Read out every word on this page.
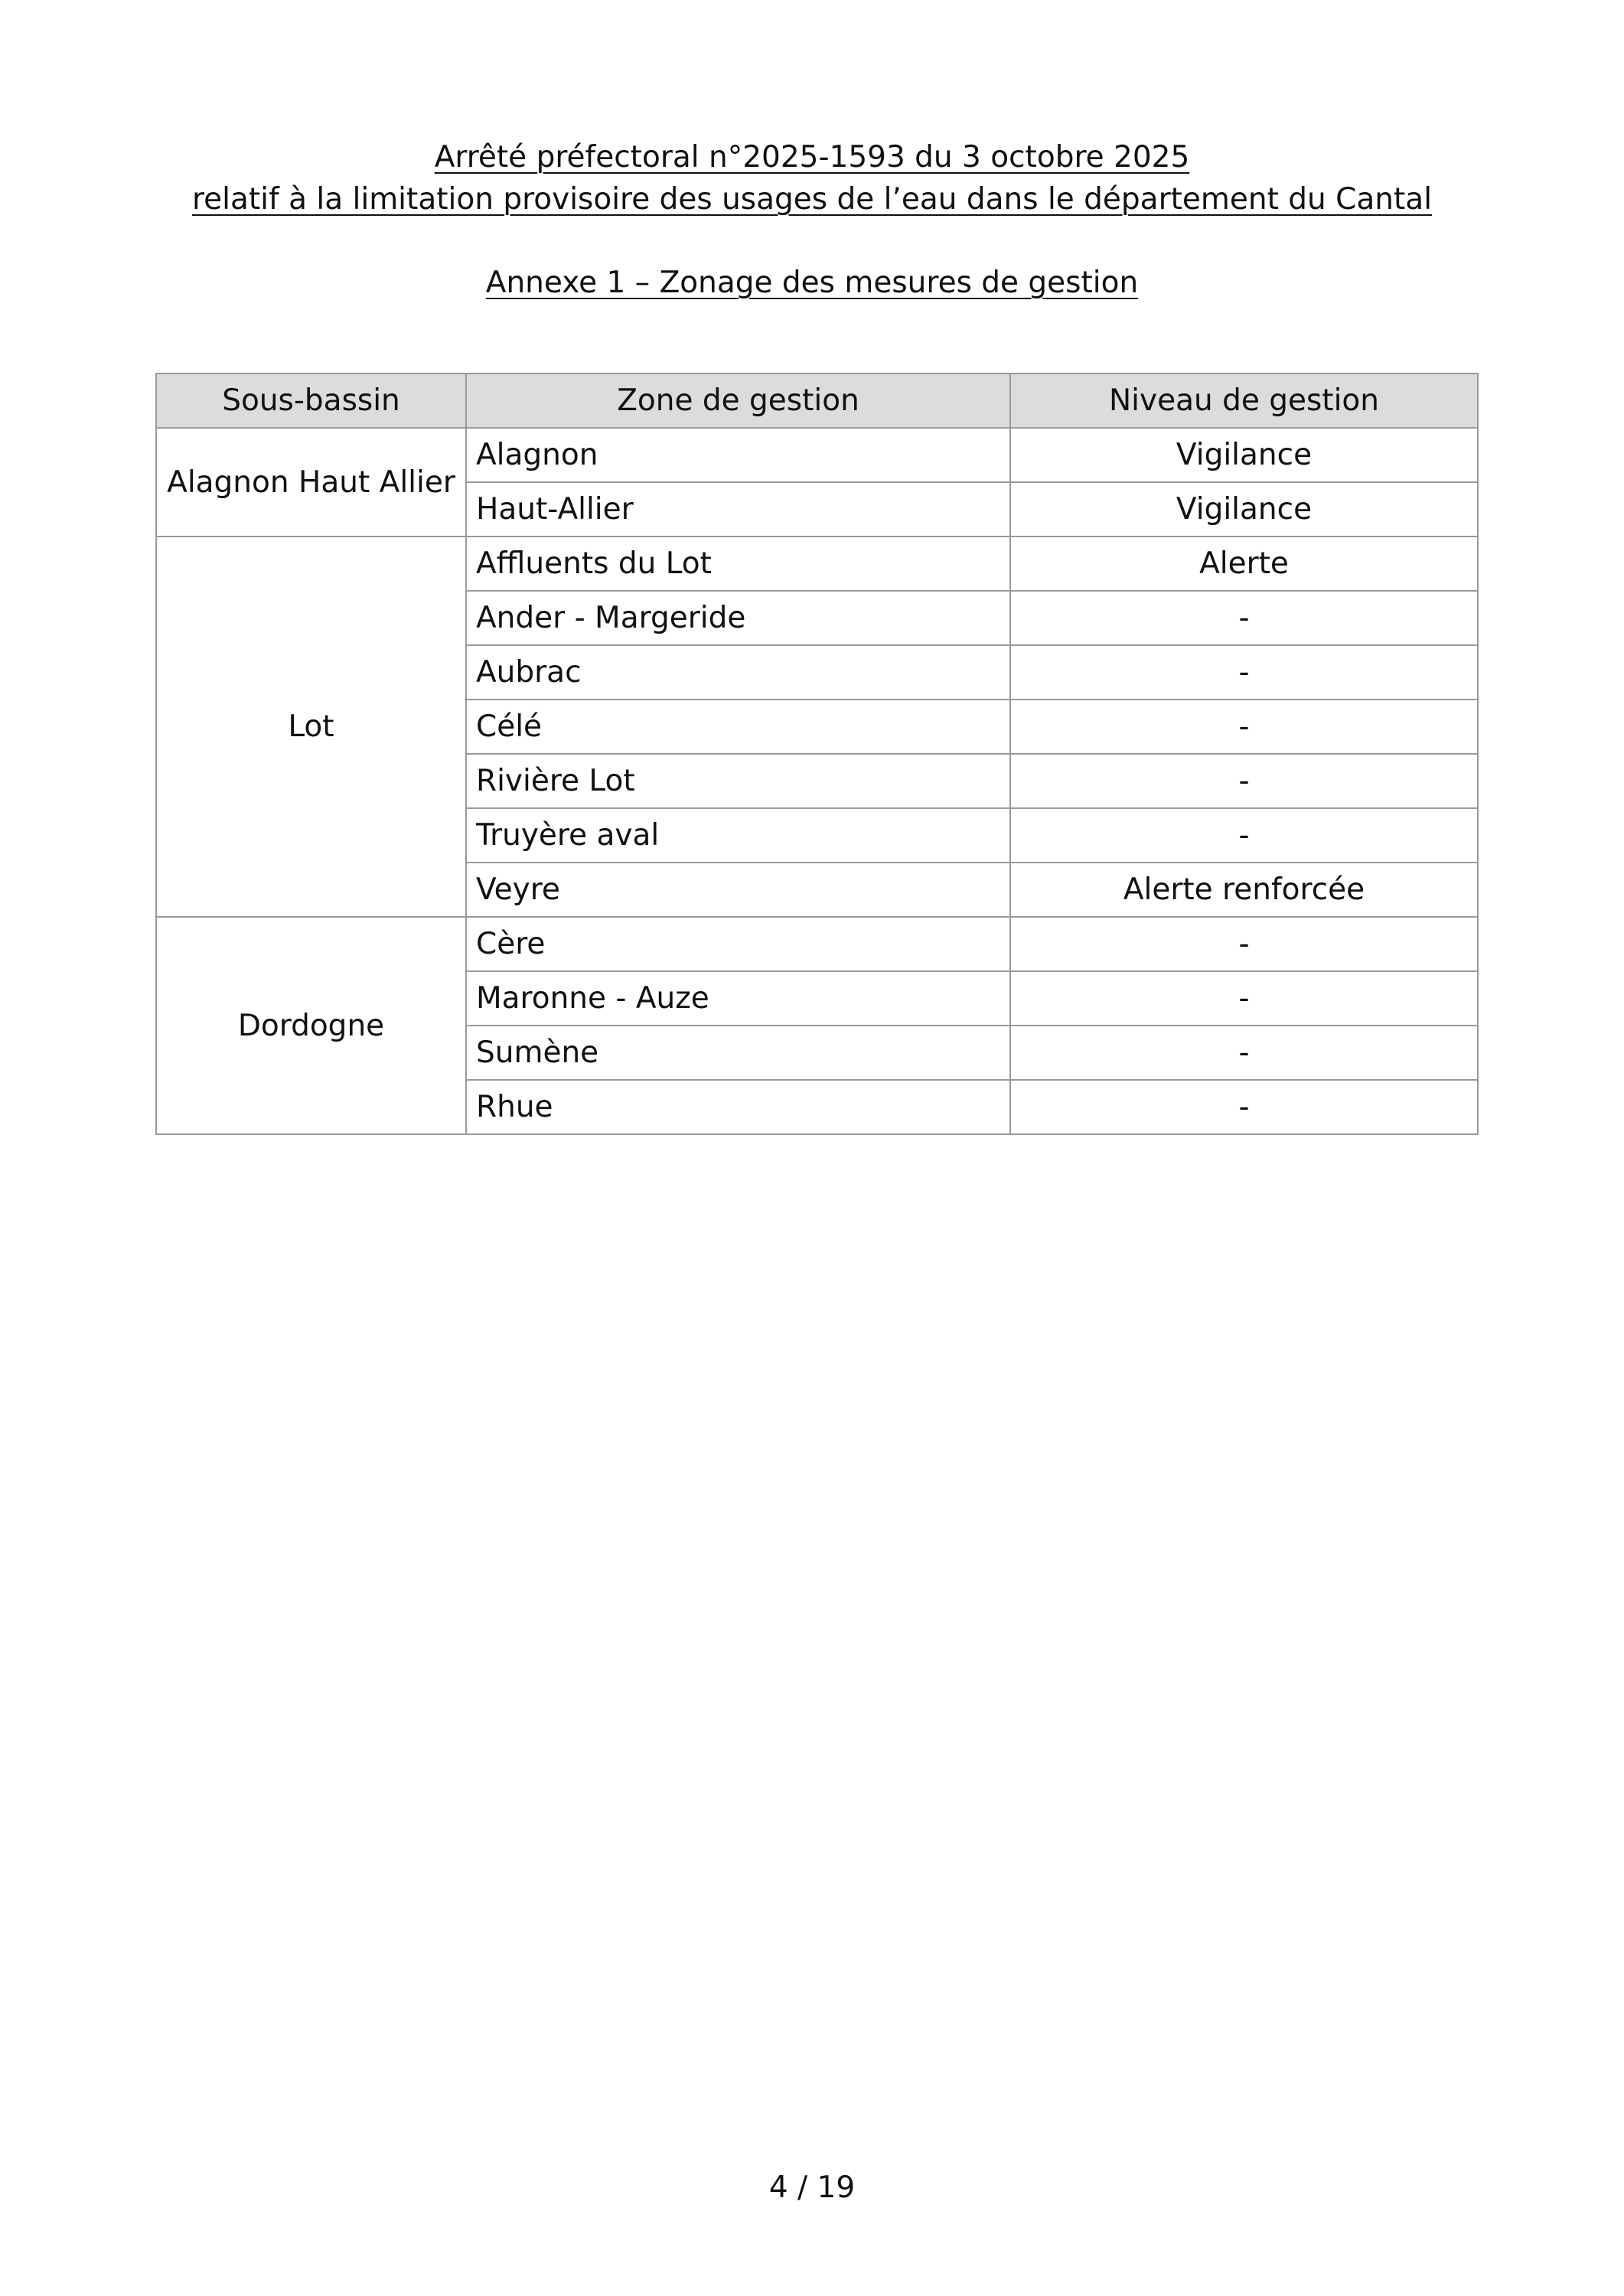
Arrêté préfectoral n°2025-1593 du 3 octobre 2025
relatif à la limitation provisoire des usages de l’eau dans le département du Cantal
Annexe 1 – Zonage des mesures de gestion
Sous-bassin	Zone de gestion	Niveau de gestion
Alagnon Haut Allier	Alagnon	Vigilance
	Haut-Allier	Vigilance
Lot	Affluents du Lot	Alerte
	Ander - Margeride	-
	Aubrac	-
	Célé	-
	Rivière Lot	-
	Truyère aval	-
	Veyre	Alerte renforcée
Dordogne	Cère	-
	Maronne - Auze	-
	Sumène	-
	Rhue	-
4 / 19
